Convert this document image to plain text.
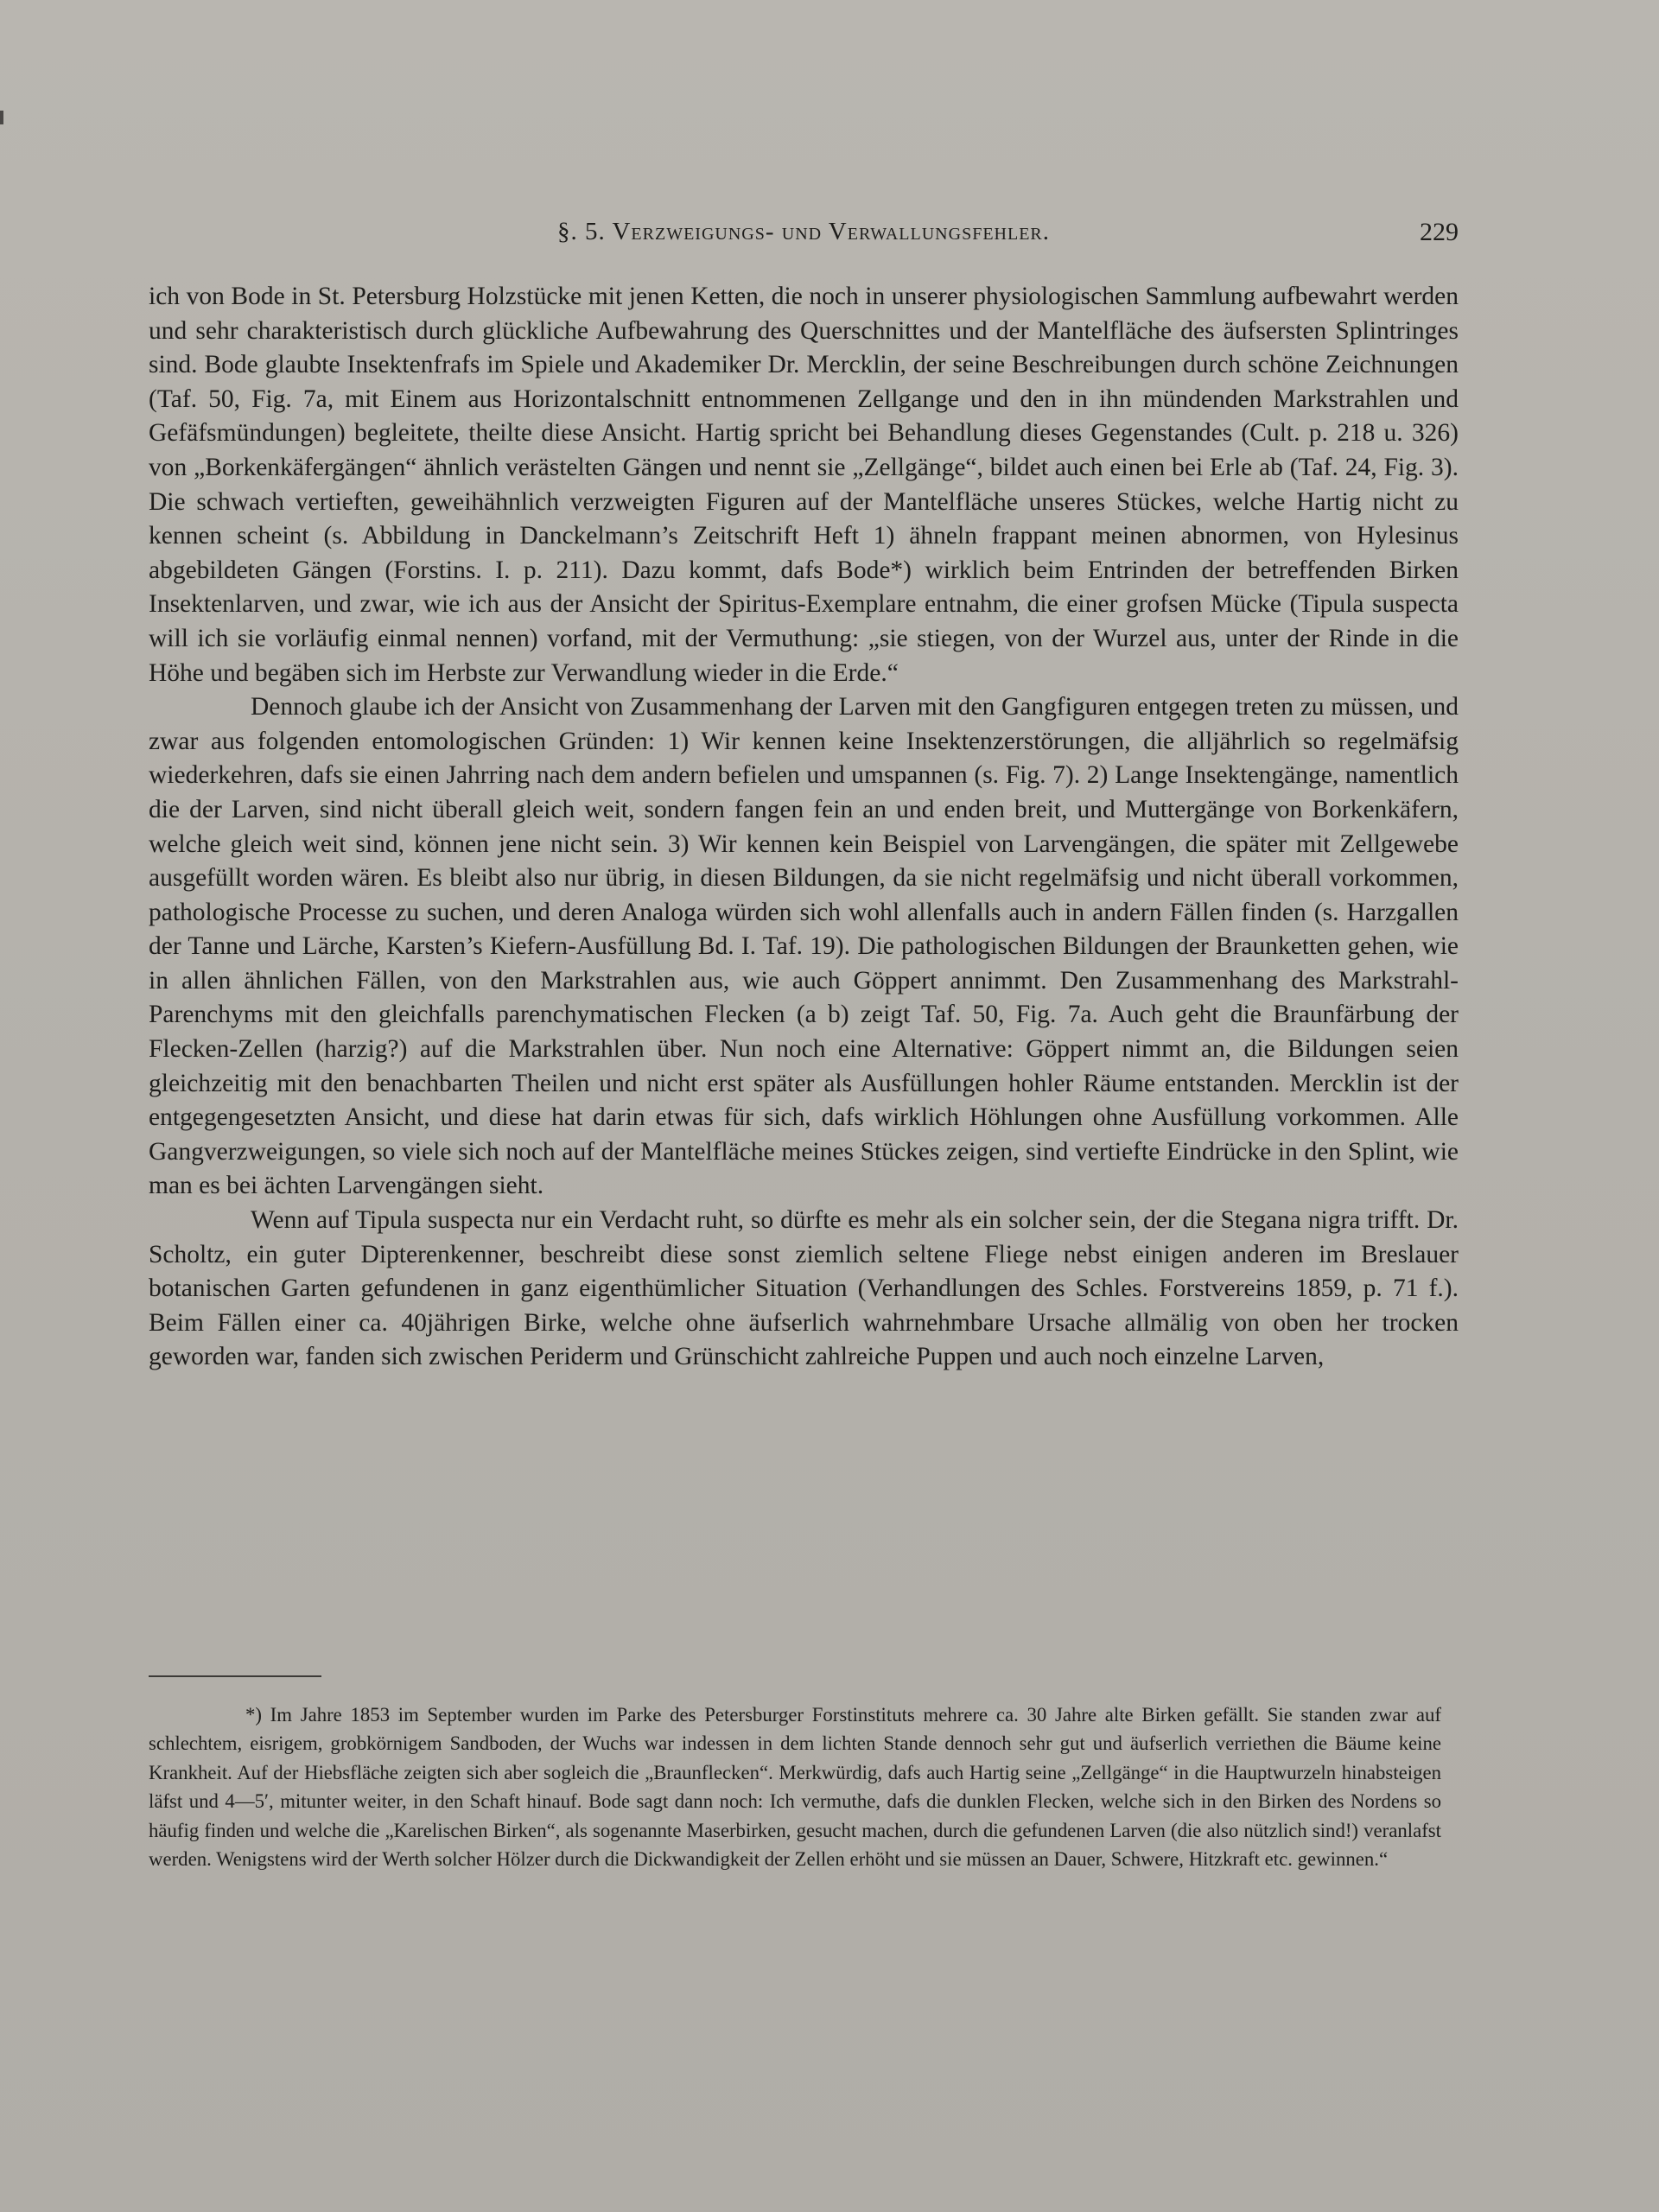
§. 5. Verzweigungs- und Verwallungsfehler.	229

ich von Bode in St. Petersburg Holzstücke mit jenen Ketten, die noch in unserer physiologischen Sammlung aufbewahrt werden und sehr charakteristisch durch glückliche Aufbewahrung des Querschnittes und der Mantelfläche des äufsersten Splintringes sind. Bode glaubte Insektenfrafs im Spiele und Akademiker Dr. Mercklin, der seine Beschreibungen durch schöne Zeichnungen (Taf. 50, Fig. 7a, mit Einem aus Horizontalschnitt entnommenen Zellgange und den in ihn mündenden Markstrahlen und Gefäfsmündungen) begleitete, theilte diese Ansicht. Hartig spricht bei Behandlung dieses Gegenstandes (Cult. p. 218 u. 326) von „Borkenkäfergängen“ ähnlich verästelten Gängen und nennt sie „Zellgänge“, bildet auch einen bei Erle ab (Taf. 24, Fig. 3). Die schwach vertieften, geweihähnlich verzweigten Figuren auf der Mantelfläche unseres Stückes, welche Hartig nicht zu kennen scheint (s. Abbildung in Danckelmann’s Zeitschrift Heft 1) ähneln frappant meinen abnormen, von Hylesinus abgebildeten Gängen (Forstins. I. p. 211). Dazu kommt, dafs Bode*) wirklich beim Entrinden der betreffenden Birken Insektenlarven, und zwar, wie ich aus der Ansicht der Spiritus-Exemplare entnahm, die einer grofsen Mücke (Tipula suspecta will ich sie vorläufig einmal nennen) vorfand, mit der Vermuthung: „sie stiegen, von der Wurzel aus, unter der Rinde in die Höhe und begäben sich im Herbste zur Verwandlung wieder in die Erde.“

Dennoch glaube ich der Ansicht von Zusammenhang der Larven mit den Gangfiguren entgegen treten zu müssen, und zwar aus folgenden entomologischen Gründen: 1) Wir kennen keine Insektenzerstörungen, die alljährlich so regelmäfsig wiederkehren, dafs sie einen Jahrring nach dem andern befielen und umspannen (s. Fig. 7). 2) Lange Insektengänge, namentlich die der Larven, sind nicht überall gleich weit, sondern fangen fein an und enden breit, und Muttergänge von Borkenkäfern, welche gleich weit sind, können jene nicht sein. 3) Wir kennen kein Beispiel von Larvengängen, die später mit Zellgewebe ausgefüllt worden wären. Es bleibt also nur übrig, in diesen Bildungen, da sie nicht regelmäfsig und nicht überall vorkommen, pathologische Processe zu suchen, und deren Analoga würden sich wohl allenfalls auch in andern Fällen finden (s. Harzgallen der Tanne und Lärche, Karsten’s Kiefern-Ausfüllung Bd. I. Taf. 19). Die pathologischen Bildungen der Braunketten gehen, wie in allen ähnlichen Fällen, von den Markstrahlen aus, wie auch Göppert annimmt. Den Zusammenhang des Markstrahl-Parenchyms mit den gleichfalls parenchymatischen Flecken (a b) zeigt Taf. 50, Fig. 7a. Auch geht die Braunfärbung der Flecken-Zellen (harzig?) auf die Markstrahlen über. Nun noch eine Alternative: Göppert nimmt an, die Bildungen seien gleichzeitig mit den benachbarten Theilen und nicht erst später als Ausfüllungen hohler Räume entstanden. Mercklin ist der entgegengesetzten Ansicht, und diese hat darin etwas für sich, dafs wirklich Höhlungen ohne Ausfüllung vorkommen. Alle Gangverzweigungen, so viele sich noch auf der Mantelfläche meines Stückes zeigen, sind vertiefte Eindrücke in den Splint, wie man es bei ächten Larvengängen sieht.

Wenn auf Tipula suspecta nur ein Verdacht ruht, so dürfte es mehr als ein solcher sein, der die Stegana nigra trifft. Dr. Scholtz, ein guter Dipterenkenner, beschreibt diese sonst ziemlich seltene Fliege nebst einigen anderen im Breslauer botanischen Garten gefundenen in ganz eigenthümlicher Situation (Verhandlungen des Schles. Forstvereins 1859, p. 71 f.). Beim Fällen einer ca. 40jährigen Birke, welche ohne äufserlich wahrnehmbare Ursache allmälig von oben her trocken geworden war, fanden sich zwischen Periderm und Grünschicht zahlreiche Puppen und auch noch einzelne Larven,

*) Im Jahre 1853 im September wurden im Parke des Petersburger Forstinstituts mehrere ca. 30 Jahre alte Birken gefällt. Sie standen zwar auf schlechtem, eisrigem, grobkörnigem Sandboden, der Wuchs war indessen in dem lichten Stande dennoch sehr gut und äufserlich verriethen die Bäume keine Krankheit. Auf der Hiebsfläche zeigten sich aber sogleich die „Braunflecken“. Merkwürdig, dafs auch Hartig seine „Zellgänge“ in die Hauptwurzeln hinabsteigen läfst und 4—5′, mitunter weiter, in den Schaft hinauf. Bode sagt dann noch: Ich vermuthe, dafs die dunklen Flecken, welche sich in den Birken des Nordens so häufig finden und welche die „Karelischen Birken“, als sogenannte Maserbirken, gesucht machen, durch die gefundenen Larven (die also nützlich sind!) veranlafst werden. Wenigstens wird der Werth solcher Hölzer durch die Dickwandigkeit der Zellen erhöht und sie müssen an Dauer, Schwere, Hitzkraft etc. gewinnen.“
